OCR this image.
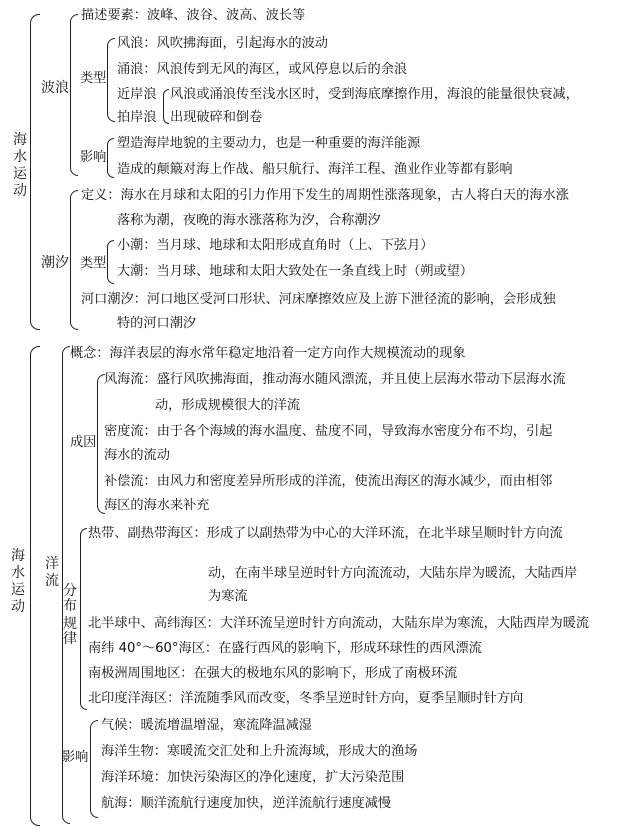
海
水
运
动
波浪
描述要素：波峰、波谷、波高、波长等
类型
风浪：风吹拂海面，引起海水的波动
涌浪：风浪传到无风的海区，或风停息以后的余浪
近岸浪
拍岸浪
风浪或涌浪传至浅水区时，受到海底摩擦作用，海浪的能量很快衰减，
出现破碎和倒卷
影响
塑造海岸地貌的主要动力，也是一种重要的海洋能源
造成的颠簸对海上作战、船只航行、海洋工程、渔业作业等都有影响
潮汐
定义：海水在月球和太阳的引力作用下发生的周期性涨落现象，古人将白天的海水涨
落称为潮，夜晚的海水涨落称为汐，合称潮汐
类型
小潮：当月球、地球和太阳形成直角时（上、下弦月）
大潮：当月球、地球和太阳大致处在一条直线上时（朔或望）
河口潮汐：河口地区受河口形状、河床摩擦效应及上游下泄径流的影响，会形成独
特的河口潮汐
海
水
运
动
洋
流
概念：海洋表层的海水常年稳定地沿着一定方向作大规模流动的现象
成因
风海流：盛行风吹拂海面，推动海水随风漂流，并且使上层海水带动下层海水流
动，形成规模很大的洋流
密度流：由于各个海域的海水温度、盐度不同，导致海水密度分布不均，引起
海水的流动
补偿流：由风力和密度差异所形成的洋流，使流出海区的海水减少，而由相邻
海区的海水来补充
分
布
规
律
热带、副热带海区：形成了以副热带为中心的大洋环流，在北半球呈顺时针方向流
动，在南半球呈逆时针方向流流动，大陆东岸为暖流，大陆西岸
为寒流
北半球中、高纬海区：大洋环流呈逆时针方向流动，大陆东岸为寒流，大陆西岸为暖流
南纬 40°～60°海区：在盛行西风的影响下，形成环球性的西风漂流
南极洲周围地区：在强大的极地东风的影响下，形成了南极环流
北印度洋海区：洋流随季风而改变，冬季呈逆时针方向，夏季呈顺时针方向
影响
气候：暖流增温增湿，寒流降温减湿
海洋生物：寒暖流交汇处和上升流海域，形成大的渔场
海洋环境：加快污染海区的净化速度，扩大污染范围
航海：顺洋流航行速度加快，逆洋流航行速度减慢
